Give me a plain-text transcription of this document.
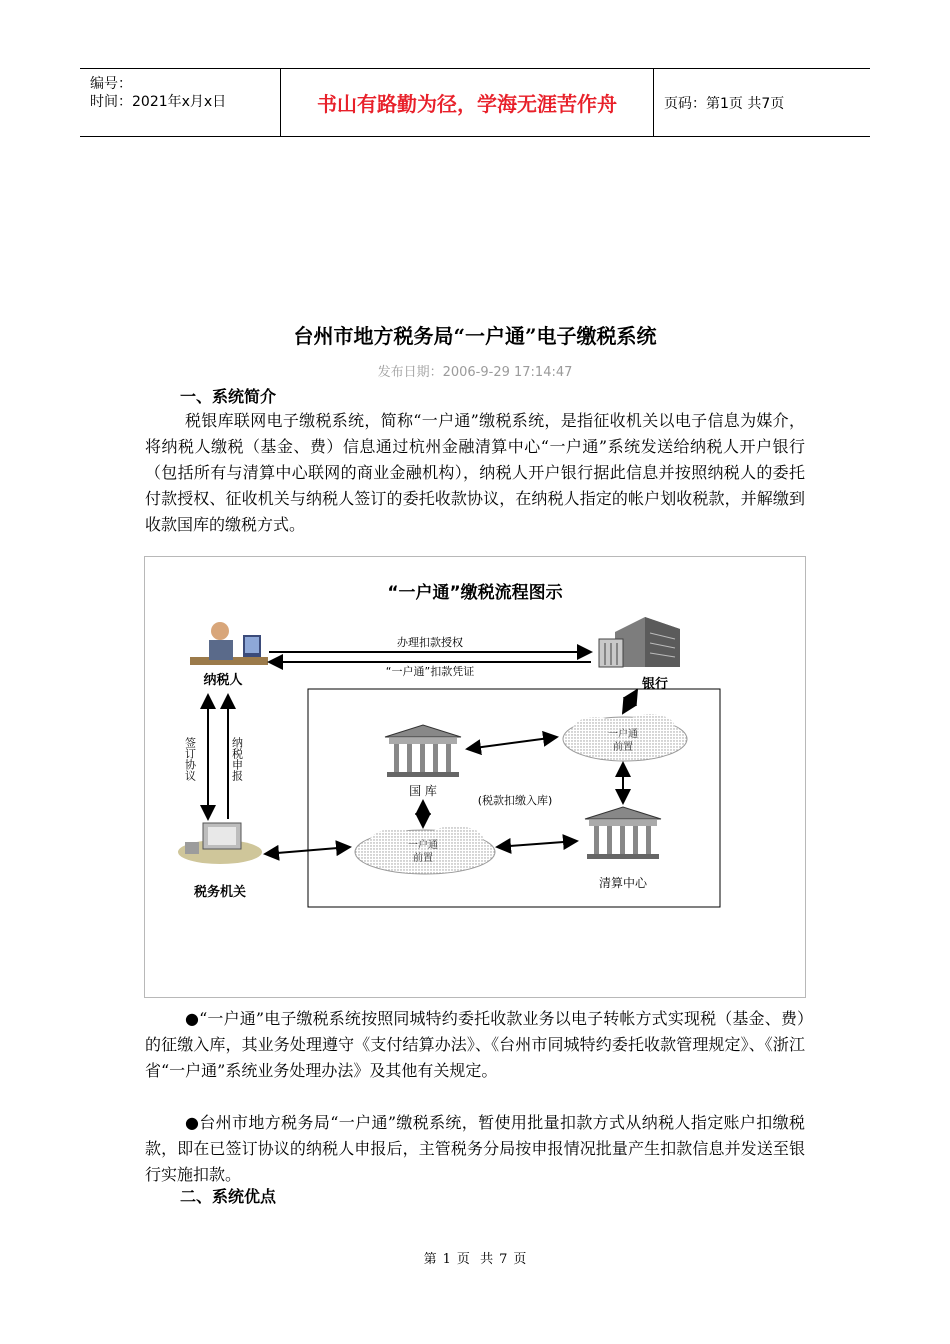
编号：
时间：2021年x月x日	书山有路勤为径，学海无涯苦作舟	页码：第1页 共7页
台州市地方税务局“一户通”电子缴税系统
发布日期：2006-9-29 17:14:47
一、系统简介
税银库联网电子缴税系统，简称“一户通”缴税系统，是指征收机关以电子信息为媒介，将纳税人缴税（基金、费）信息通过杭州金融清算中心“一户通”系统发送给纳税人开户银行（包括所有与清算中心联网的商业金融机构），纳税人开户银行据此信息并按照纳税人的委托付款授权、征收机关与纳税人签订的委托收款协议，在纳税人指定的帐户划收税款，并解缴到收款国库的缴税方式。
“一户通”缴税流程图示
纳税人	银行
办理扣款授权
“一户通”扣款凭证
签订协议	纳税申报
税务机关
国 库
一户通
前置
一户通
前置
清算中心
(税款扣缴入库)
●“一户通”电子缴税系统按照同城特约委托收款业务以电子转帐方式实现税（基金、费）的征缴入库，其业务处理遵守《支付结算办法》、《台州市同城特约委托收款管理规定》、《浙江省“一户通”系统业务处理办法》及其他有关规定。
●台州市地方税务局“一户通”缴税系统，暂使用批量扣款方式从纳税人指定账户扣缴税款，即在已签订协议的纳税人申报后，主管税务分局按申报情况批量产生扣款信息并发送至银行实施扣款。
二、系统优点
第 1 页 共 7 页
